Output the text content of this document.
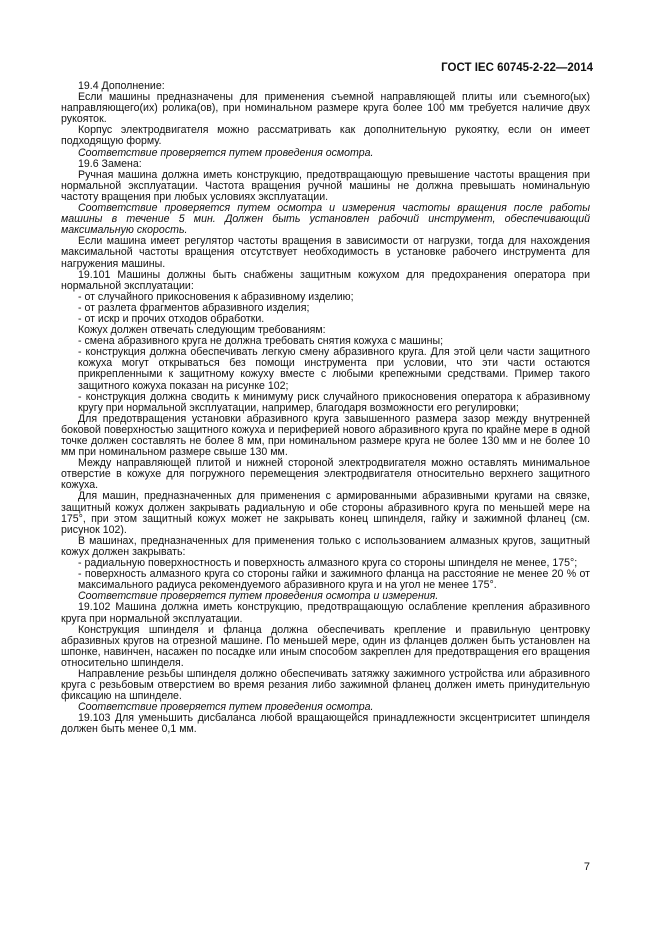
ГОСТ IEC 60745-2-22—2014

19.4 Дополнение:

Если машины предназначены для применения съемной направляющей плиты или съемного(ых) направляющего(их) ролика(ов), при номинальном размере круга более 100 мм требуется наличие двух рукояток.

Корпус электродвигателя можно рассматривать как дополнительную рукоятку, если он имеет подходящую форму.

Соответствие проверяется путем проведения осмотра.

19.6 Замена:

Ручная машина должна иметь конструкцию, предотвращающую превышение частоты вращения при нормальной эксплуатации. Частота вращения ручной машины не должна превышать номинальную частоту вращения при любых условиях эксплуатации.

Соответствие проверяется путем осмотра и измерения частоты вращения после работы машины в течение 5 мин. Должен быть установлен рабочий инструмент, обеспечивающий максимальную скорость.

Если машина имеет регулятор частоты вращения в зависимости от нагрузки, тогда для нахождения максимальной частоты вращения отсутствует необходимость в установке рабочего инструмента для нагружения машины.

19.101 Машины должны быть снабжены защитным кожухом для предохранения оператора при нормальной эксплуатации:

- от случайного прикосновения к абразивному изделию;

- от разлета фрагментов абразивного изделия;

- от искр и прочих отходов обработки.

Кожух должен отвечать следующим требованиям:

- смена абразивного круга не должна требовать снятия кожуха с машины;

- конструкция должна обеспечивать легкую смену абразивного круга. Для этой цели части защитного кожуха могут открываться без помощи инструмента при условии, что эти части остаются прикрепленными к защитному кожуху вместе с любыми крепежными средствами. Пример такого защитного кожуха показан на рисунке 102;

- конструкция должна сводить к минимуму риск случайного прикосновения оператора к абразивному кругу при нормальной эксплуатации, например, благодаря возможности его регулировки;

Для предотвращения установки абразивного круга завышенного размера зазор между внутренней боковой поверхностью защитного кожуха и периферией нового абразивного круга по крайне мере в одной точке должен составлять не более 8 мм, при номинальном размере круга не более 130 мм и не более 10 мм при номинальном размере свыше 130 мм.

Между направляющей плитой и нижней стороной электродвигателя можно оставлять минимальное отверстие в кожухе для погружного перемещения электродвигателя относительно верхнего защитного кожуха.

Для машин, предназначенных для применения с армированными абразивными кругами на связке, защитный кожух должен закрывать радиальную и обе стороны абразивного круга по меньшей мере на 175°, при этом защитный кожух может не закрывать конец шпинделя, гайку и зажимной фланец (см. рисунок 102).

В машинах, предназначенных для применения только с использованием алмазных кругов, защитный кожух должен закрывать:

- радиальную поверхностность и поверхность алмазного круга со стороны шпинделя не менее, 175°;

- поверхность алмазного круга со стороны гайки и зажимного фланца на расстояние не менее 20 % от максимального радиуса рекомендуемого абразивного круга и на угол не менее 175°.

Соответствие проверяется путем проведения осмотра и измерения.

19.102 Машина должна иметь конструкцию, предотвращающую ослабление крепления абразивного круга при нормальной эксплуатации.

Конструкция шпинделя и фланца должна обеспечивать крепление и правильную центровку абразивных кругов на отрезной машине. По меньшей мере, один из фланцев должен быть установлен на шпонке, навинчен, насажен по посадке или иным способом закреплен для предотвращения его вращения относительно шпинделя.

Направление резьбы шпинделя должно обеспечивать затяжку зажимного устройства или абразивного круга с резьбовым отверстием во время резания либо зажимной фланец должен иметь принудительную фиксацию на шпинделе.

Соответствие проверяется путем проведения осмотра.

19.103 Для уменьшить дисбаланса любой вращающейся принадлежности эксцентриситет шпинделя должен быть менее 0,1 мм.

7
